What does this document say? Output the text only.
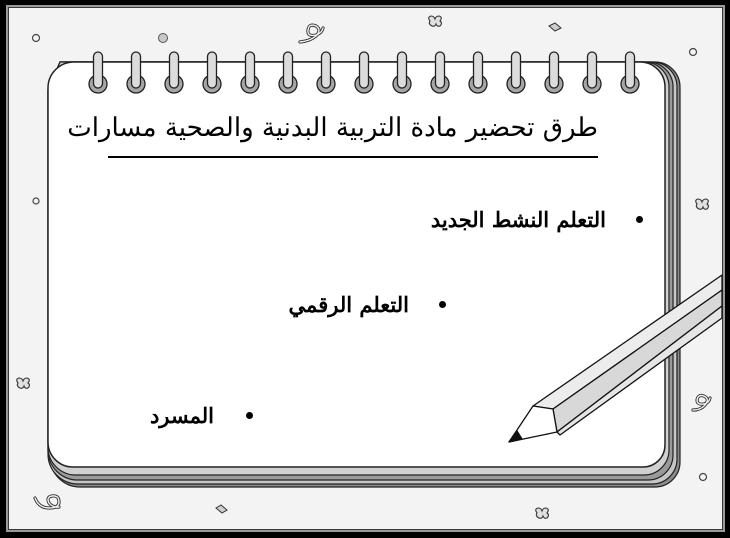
طرق تحضير مادة التربية البدنية والصحية مسارات
التعلم النشط الجديد
التعلم الرقمي
المسرد
